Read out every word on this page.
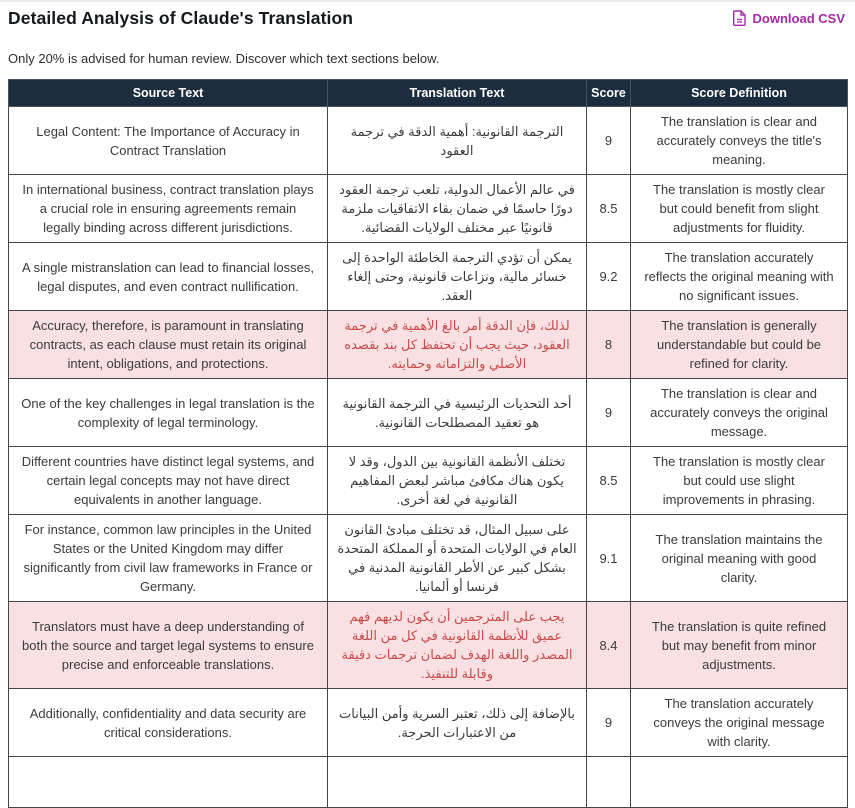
Detailed Analysis of Claude's Translation	Download CSV

Only 20% is advised for human review. Discover which text sections below.

Source Text	Translation Text	Score	Score Definition
Legal Content: The Importance of Accuracy in Contract Translation	الترجمة القانونية: أهمية الدقة في ترجمة العقود	9	The translation is clear and accurately conveys the title's meaning.
In international business, contract translation plays a crucial role in ensuring agreements remain legally binding across different jurisdictions.	في عالم الأعمال الدولية، تلعب ترجمة العقود دورًا حاسمًا في ضمان بقاء الاتفاقيات ملزمة قانونيًا عبر مختلف الولايات القضائية.	8.5	The translation is mostly clear but could benefit from slight adjustments for fluidity.
A single mistranslation can lead to financial losses, legal disputes, and even contract nullification.	يمكن أن تؤدي الترجمة الخاطئة الواحدة إلى خسائر مالية، ونزاعات قانونية، وحتى إلغاء العقد.	9.2	The translation accurately reflects the original meaning with no significant issues.
Accuracy, therefore, is paramount in translating contracts, as each clause must retain its original intent, obligations, and protections.	لذلك، فإن الدقة أمر بالغ الأهمية في ترجمة العقود، حيث يجب أن تحتفظ كل بند بقصده الأصلي والتزاماته وحمايته.	8	The translation is generally understandable but could be refined for clarity.
One of the key challenges in legal translation is the complexity of legal terminology.	أحد التحديات الرئيسية في الترجمة القانونية هو تعقيد المصطلحات القانونية.	9	The translation is clear and accurately conveys the original message.
Different countries have distinct legal systems, and certain legal concepts may not have direct equivalents in another language.	تختلف الأنظمة القانونية بين الدول، وقد لا يكون هناك مكافئ مباشر لبعض المفاهيم القانونية في لغة أخرى.	8.5	The translation is mostly clear but could use slight improvements in phrasing.
For instance, common law principles in the United States or the United Kingdom may differ significantly from civil law frameworks in France or Germany.	على سبيل المثال، قد تختلف مبادئ القانون العام في الولايات المتحدة أو المملكة المتحدة بشكل كبير عن الأطر القانونية المدنية في فرنسا أو ألمانيا.	9.1	The translation maintains the original meaning with good clarity.
Translators must have a deep understanding of both the source and target legal systems to ensure precise and enforceable translations.	يجب على المترجمين أن يكون لديهم فهم عميق للأنظمة القانونية في كل من اللغة المصدر واللغة الهدف لضمان ترجمات دقيقة وقابلة للتنفيذ.	8.4	The translation is quite refined but may benefit from minor adjustments.
Additionally, confidentiality and data security are critical considerations.	بالإضافة إلى ذلك، تعتبر السرية وأمن البيانات من الاعتبارات الحرجة.	9	The translation accurately conveys the original message with clarity.
